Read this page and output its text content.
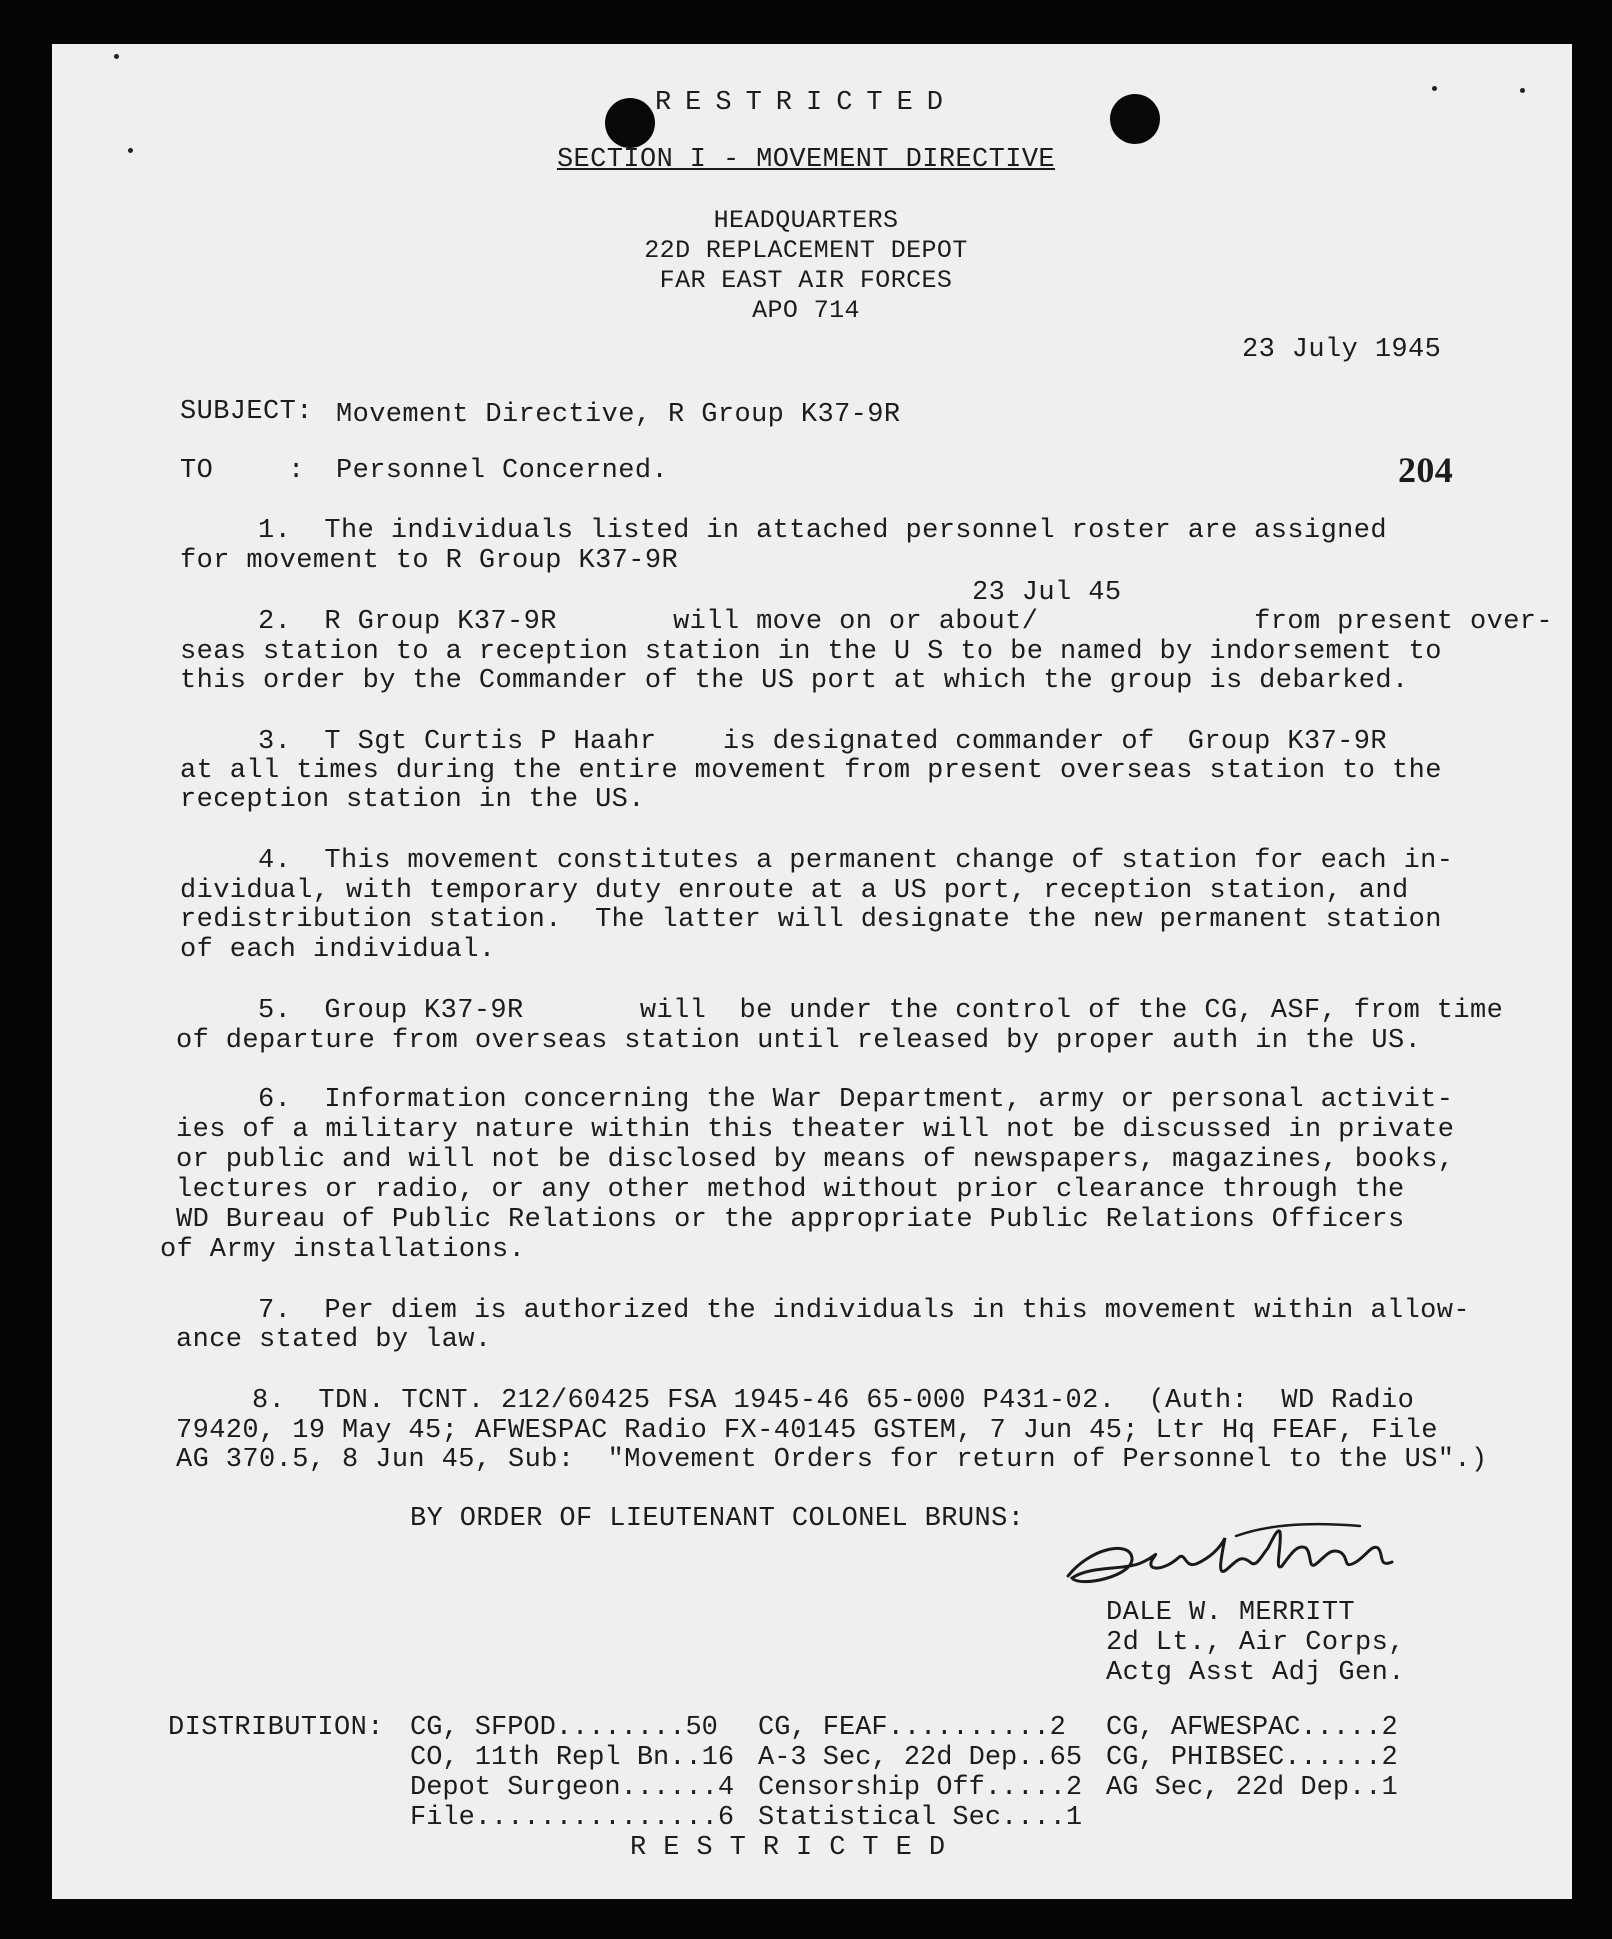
RESTRICTED
SECTION I - MOVEMENT DIRECTIVE
HEADQUARTERS
22D REPLACEMENT DEPOT
FAR EAST AIR FORCES
APO 714
23 July 1945
SUBJECT: Movement Directive, R Group K37-9R
TO	: Personnel Concerned.	204
1.  The individuals listed in attached personnel roster are assigned
for movement to R Group K37-9R
23 Jul 45
2.  R Group K37-9R       will move on or about/             from present over-
seas station to a reception station in the U S to be named by indorsement to
this order by the Commander of the US port at which the group is debarked.
3.  T Sgt Curtis P Haahr    is designated commander of  Group K37-9R
at all times during the entire movement from present overseas station to the
reception station in the US.
4.  This movement constitutes a permanent change of station for each in-
dividual, with temporary duty enroute at a US port, reception station, and
redistribution station.  The latter will designate the new permanent station
of each individual.
5.  Group K37-9R       will  be under the control of the CG, ASF, from time
of departure from overseas station until released by proper auth in the US.
6.  Information concerning the War Department, army or personal activit-
ies of a military nature within this theater will not be discussed in private
or public and will not be disclosed by means of newspapers, magazines, books,
lectures or radio, or any other method without prior clearance through the
WD Bureau of Public Relations or the appropriate Public Relations Officers
of Army installations.
7.  Per diem is authorized the individuals in this movement within allow-
ance stated by law.
8.  TDN. TCNT. 212/60425 FSA 1945-46 65-000 P431-02.  (Auth:  WD Radio
79420, 19 May 45; AFWESPAC Radio FX-40145 GSTEM, 7 Jun 45; Ltr Hq FEAF, File
AG 370.5, 8 Jun 45, Sub:  "Movement Orders for return of Personnel to the US".)
BY ORDER OF LIEUTENANT COLONEL BRUNS:
DALE W. MERRITT
2d Lt., Air Corps,
Actg Asst Adj Gen.
DISTRIBUTION: CG, SFPOD........50	CG, FEAF..........2	CG, AFWESPAC.....2
CO, 11th Repl Bn..16	A-3 Sec, 22d Dep..65	CG, PHIBSEC......2
Depot Surgeon......4	Censorship Off.....2	AG Sec, 22d Dep..1
File...............6	Statistical Sec....1	
R E S T R I C T E D
